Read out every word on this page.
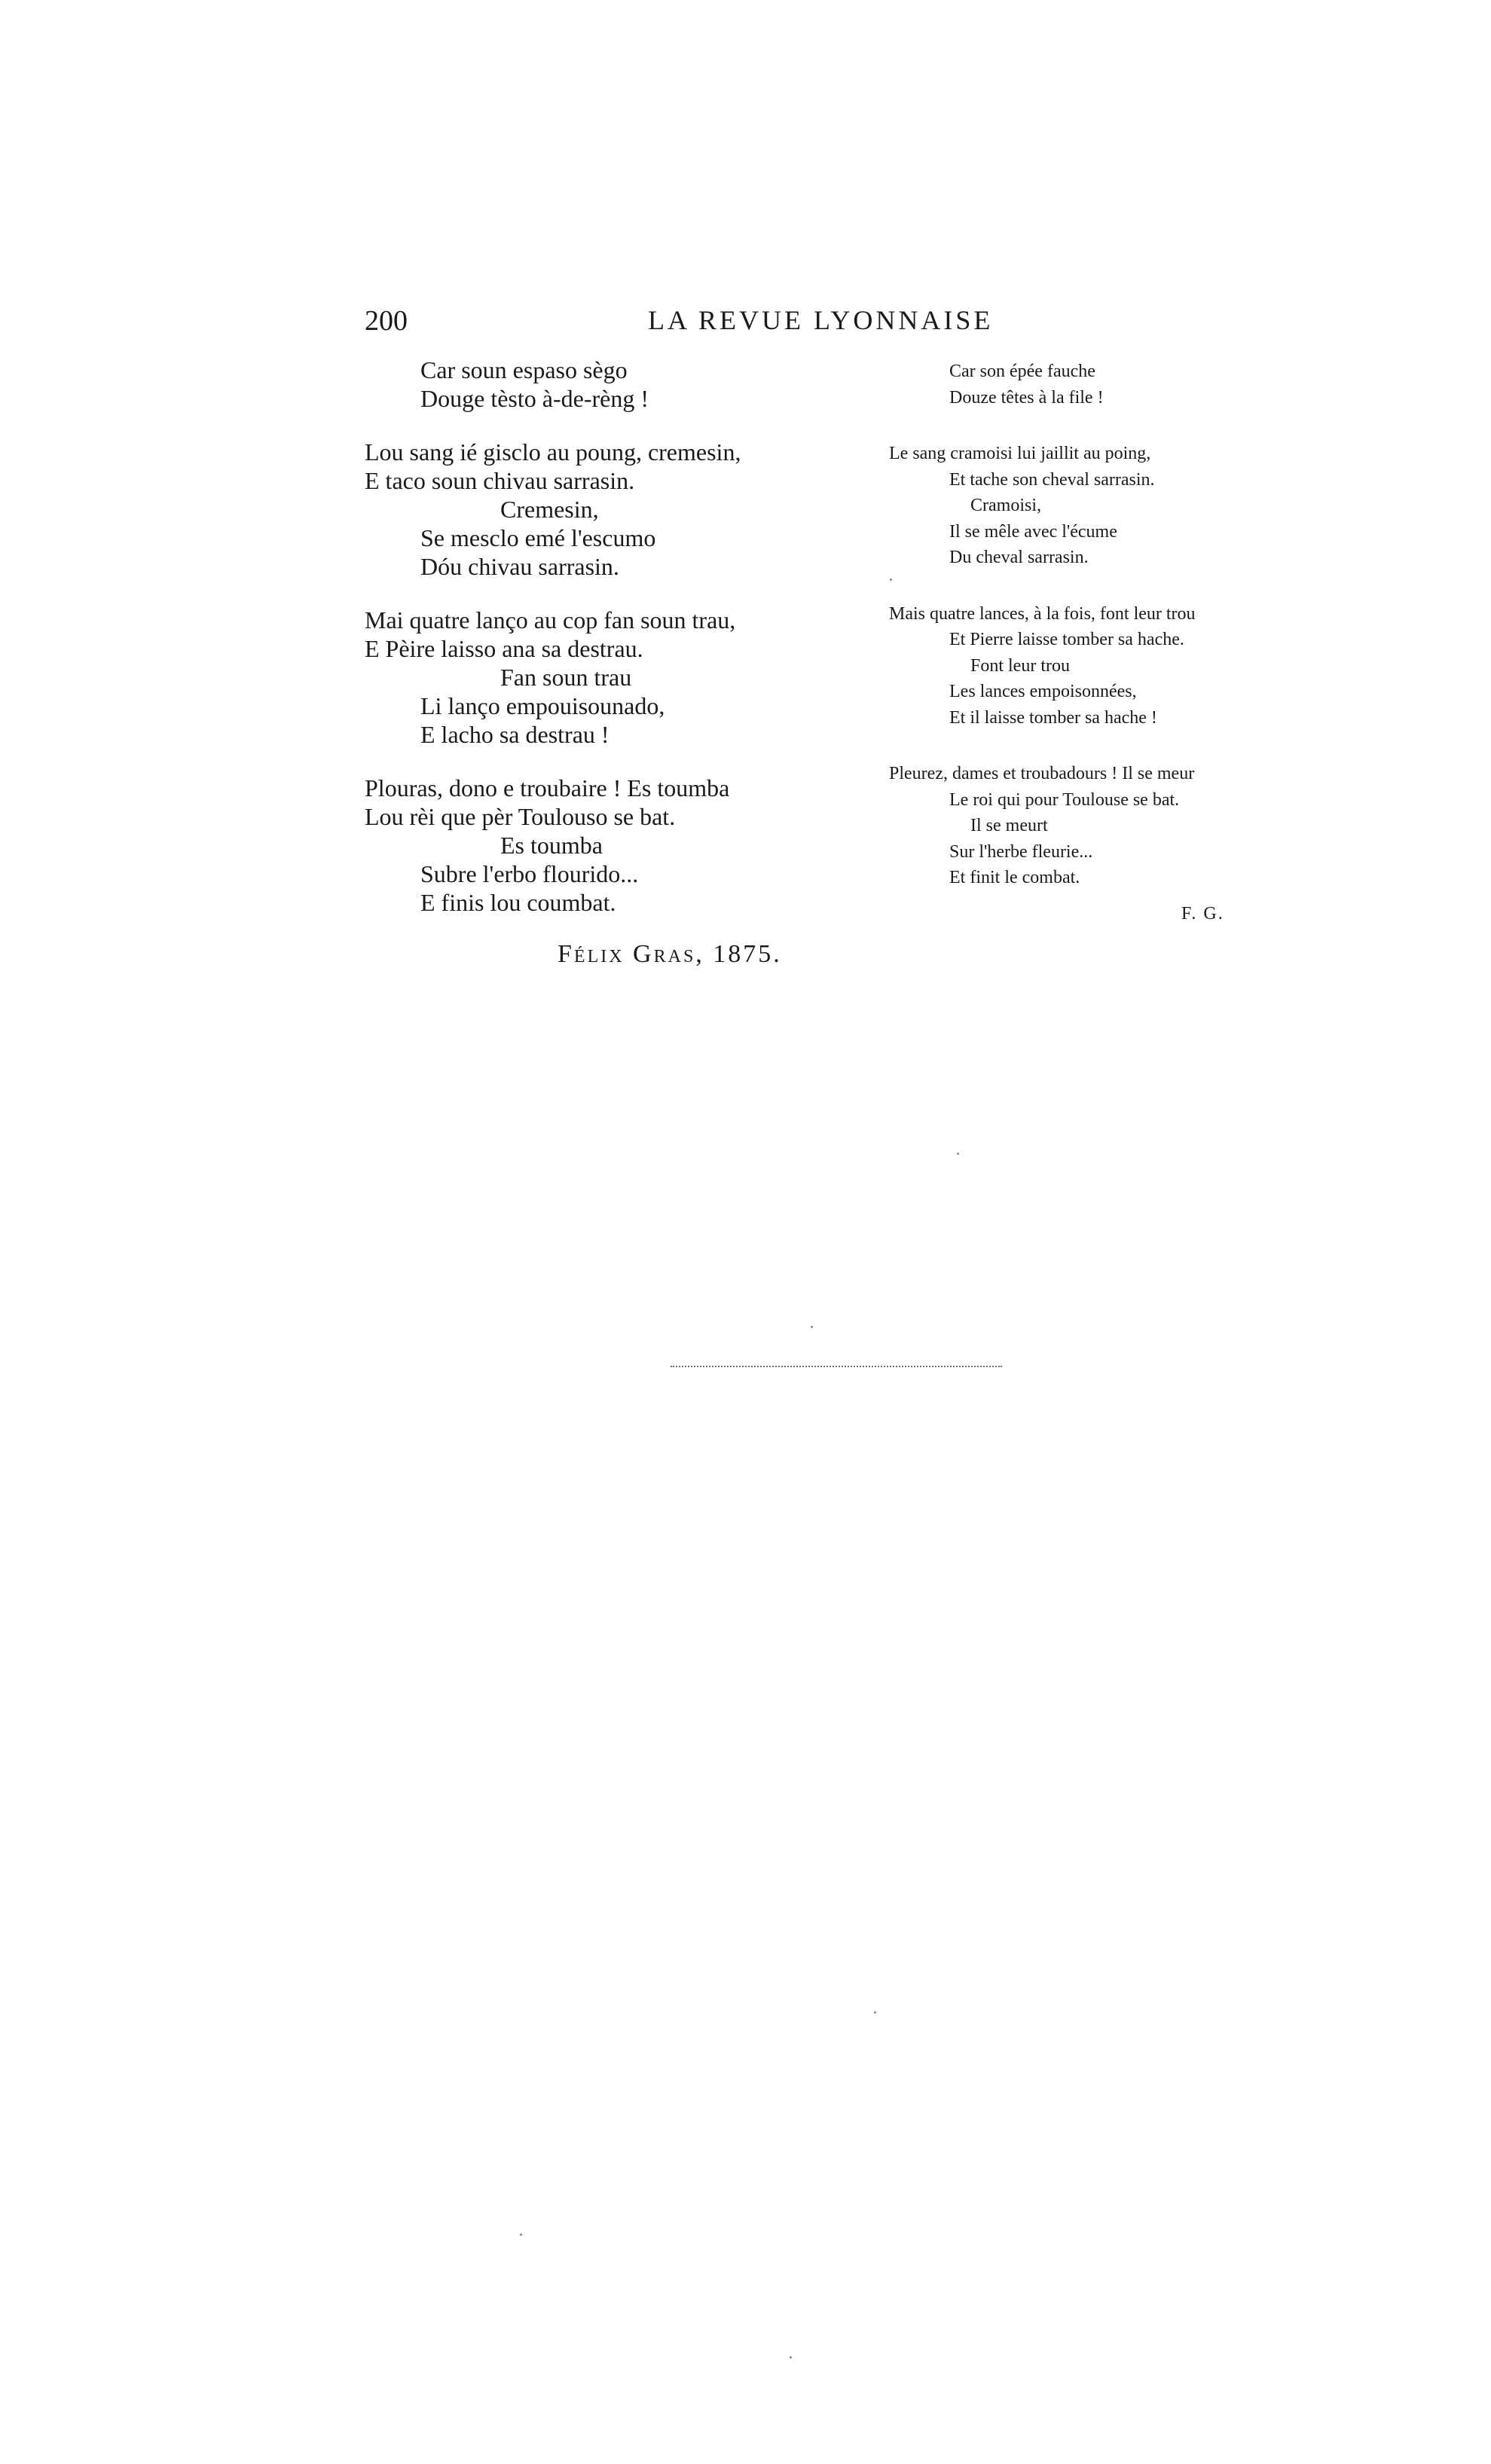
200	LA REVUE LYONNAISE
Car soun espaso sègo
Douge tèsto à-de-rèng !
Lou sang ié gisclo au poung, cremesin,
E taco soun chivau sarrasin.
Cremesin,
Se mesclo emé l'escumo
Dóu chivau sarrasin.
Mai quatre lanço au cop fan soun trau,
E Pèire laisso ana sa destrau.
Fan soun trau
Li lanço empouisounado,
E lacho sa destrau !
Plouras, dono e troubaire ! Es toumba
Lou rèi que pèr Toulouso se bat.
Es toumba
Subre l'erbo flourido...
E finis lou coumbat.
Félix Gras, 1875.
Car son épée fauche
Douze têtes à la file !
Le sang cramoisi lui jaillit au poing,
Et tache son cheval sarrasin.
Cramoisi,
Il se mêle avec l'écume
Du cheval sarrasin.
Mais quatre lances, à la fois, font leur trou
Et Pierre laisse tomber sa hache.
Font leur trou
Les lances empoisonnées,
Et il laisse tomber sa hache !
Pleurez, dames et troubadours ! Il se meur
Le roi qui pour Toulouse se bat.
Il se meurt
Sur l'herbe fleurie...
Et finit le combat.
F. G.
